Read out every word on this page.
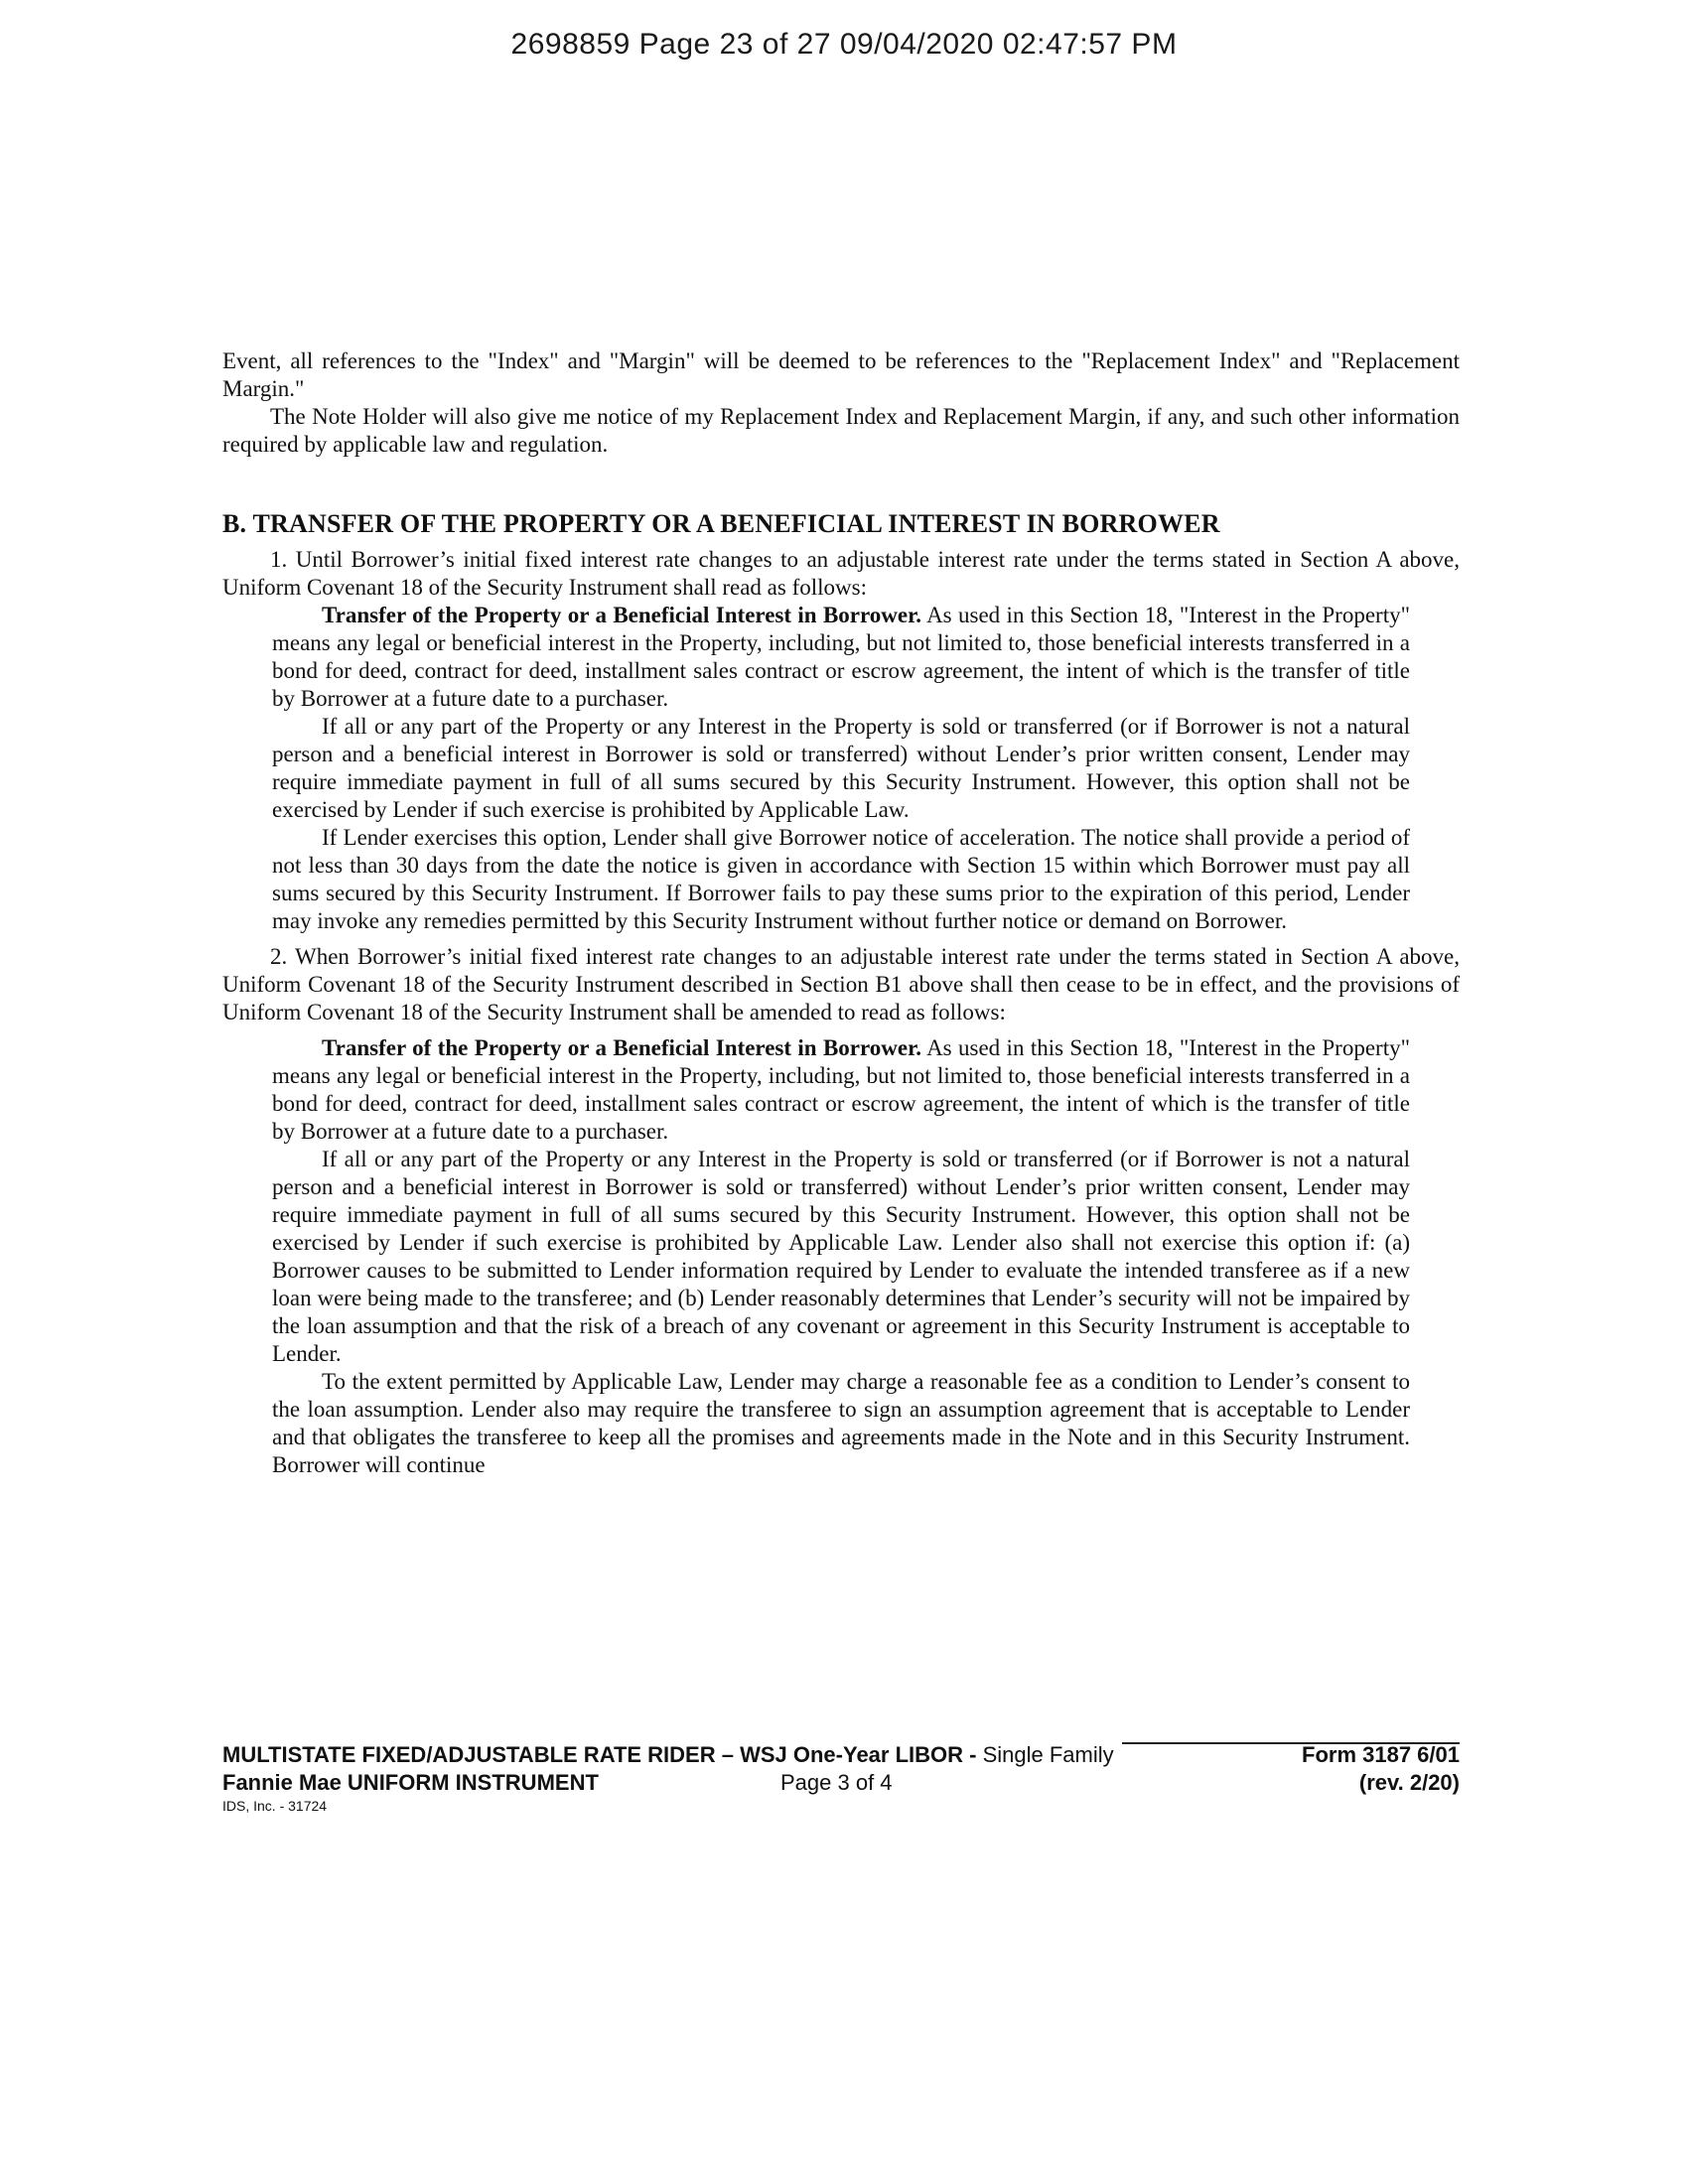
2698859 Page 23 of 27 09/04/2020 02:47:57 PM

Event, all references to the "Index" and "Margin" will be deemed to be references to the "Replacement Index" and "Replacement Margin."

The Note Holder will also give me notice of my Replacement Index and Replacement Margin, if any, and such other information required by applicable law and regulation.

B. TRANSFER OF THE PROPERTY OR A BENEFICIAL INTEREST IN BORROWER

1. Until Borrower’s initial fixed interest rate changes to an adjustable interest rate under the terms stated in Section A above, Uniform Covenant 18 of the Security Instrument shall read as follows:

Transfer of the Property or a Beneficial Interest in Borrower. As used in this Section 18, "Interest in the Property" means any legal or beneficial interest in the Property, including, but not limited to, those beneficial interests transferred in a bond for deed, contract for deed, installment sales contract or escrow agreement, the intent of which is the transfer of title by Borrower at a future date to a purchaser.

If all or any part of the Property or any Interest in the Property is sold or transferred (or if Borrower is not a natural person and a beneficial interest in Borrower is sold or transferred) without Lender’s prior written consent, Lender may require immediate payment in full of all sums secured by this Security Instrument. However, this option shall not be exercised by Lender if such exercise is prohibited by Applicable Law.

If Lender exercises this option, Lender shall give Borrower notice of acceleration. The notice shall provide a period of not less than 30 days from the date the notice is given in accordance with Section 15 within which Borrower must pay all sums secured by this Security Instrument. If Borrower fails to pay these sums prior to the expiration of this period, Lender may invoke any remedies permitted by this Security Instrument without further notice or demand on Borrower.

2. When Borrower’s initial fixed interest rate changes to an adjustable interest rate under the terms stated in Section A above, Uniform Covenant 18 of the Security Instrument described in Section B1 above shall then cease to be in effect, and the provisions of Uniform Covenant 18 of the Security Instrument shall be amended to read as follows:

Transfer of the Property or a Beneficial Interest in Borrower. As used in this Section 18, "Interest in the Property" means any legal or beneficial interest in the Property, including, but not limited to, those beneficial interests transferred in a bond for deed, contract for deed, installment sales contract or escrow agreement, the intent of which is the transfer of title by Borrower at a future date to a purchaser.

If all or any part of the Property or any Interest in the Property is sold or transferred (or if Borrower is not a natural person and a beneficial interest in Borrower is sold or transferred) without Lender’s prior written consent, Lender may require immediate payment in full of all sums secured by this Security Instrument. However, this option shall not be exercised by Lender if such exercise is prohibited by Applicable Law. Lender also shall not exercise this option if: (a) Borrower causes to be submitted to Lender information required by Lender to evaluate the intended transferee as if a new loan were being made to the transferee; and (b) Lender reasonably determines that Lender’s security will not be impaired by the loan assumption and that the risk of a breach of any covenant or agreement in this Security Instrument is acceptable to Lender.

To the extent permitted by Applicable Law, Lender may charge a reasonable fee as a condition to Lender’s consent to the loan assumption. Lender also may require the transferee to sign an assumption agreement that is acceptable to Lender and that obligates the transferee to keep all the promises and agreements made in the Note and in this Security Instrument. Borrower will continue

MULTISTATE FIXED/ADJUSTABLE RATE RIDER – WSJ One-Year LIBOR - Single Family	Form 3187 6/01
Fannie Mae UNIFORM INSTRUMENT	Page 3 of 4	(rev. 2/20)
IDS, Inc. - 31724
